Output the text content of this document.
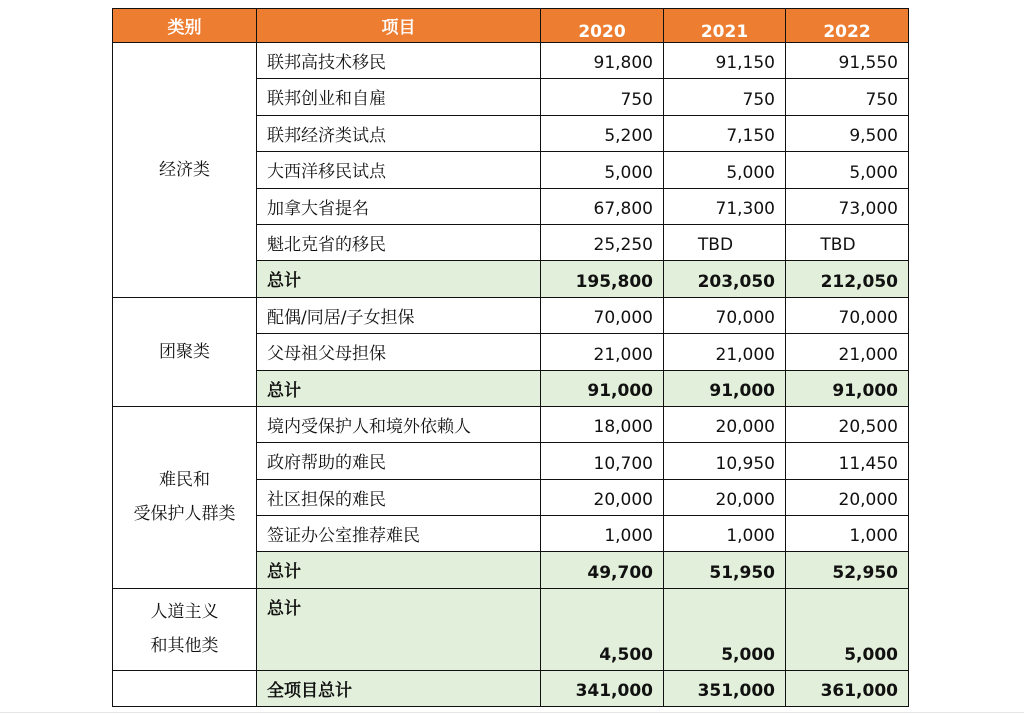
类别	项目	2020	2021	2022

经济类	联邦高技术移民	91,800	91,150	91,550
	联邦创业和自雇	750	750	750
	联邦经济类试点	5,200	7,150	9,500
	大西洋移民试点	5,000	5,000	5,000
	加拿大省提名	67,800	71,300	73,000
	魁北克省的移民	25,250	TBD	TBD
	总计	195,800	203,050	212,050

团聚类	配偶/同居/子女担保	70,000	70,000	70,000
	父母祖父母担保	21,000	21,000	21,000
	总计	91,000	91,000	91,000

难民和
受保护人群类	境内受保护人和境外依赖人	18,000	20,000	20,500
	政府帮助的难民	10,700	10,950	11,450
	社区担保的难民	20,000	20,000	20,000
	签证办公室推荐难民	1,000	1,000	1,000
	总计	49,700	51,950	52,950

人道主义
和其他类	总计	4,500	5,000	5,000
	全项目总计	341,000	351,000	361,000
